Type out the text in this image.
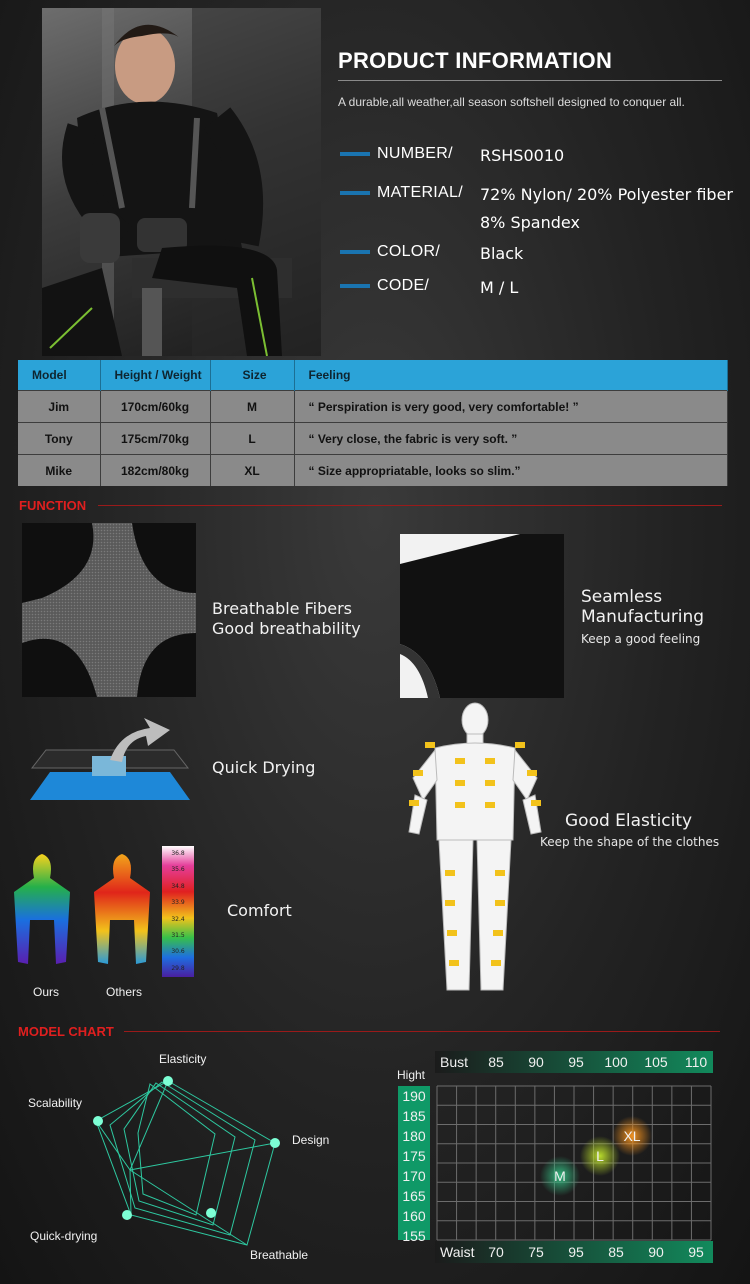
PRODUCT INFORMATION
A durable,all weather,all season softshell designed to conquer all.
NUMBER/ RSHS0010
MATERIAL/ 72% Nylon/ 20% Polyester fiber
8% Spandex
COLOR/ Black
CODE/	M / L
Model	Height / Weight	Size	Feeling
Jim	170cm/60kg	M	“ Perspiration is very good, very comfortable! ”
Tony	175cm/70kg	L	“ Very close, the fabric is very soft. ”
Mike	182cm/80kg	XL	“ Size appropriatable, looks so slim.”
FUNCTION
Breathable Fibers
Good breathability
Seamless
Manufacturing
Keep a good feeling
Quick Drying
Good Elasticity
Keep the shape of the clothes
36.8
35.6
34.8
33.9
32.4
31.5
30.6
29.8
Comfort
Ours	Others
MODEL CHART
Elasticity
Design
Breathable
Quick-drying
Scalability
Bust
Waist
Hight
85 90 95 100 105 110
70 75 95 85 90 95
190
185
180
175
170
165
160
155
M
L
XL
